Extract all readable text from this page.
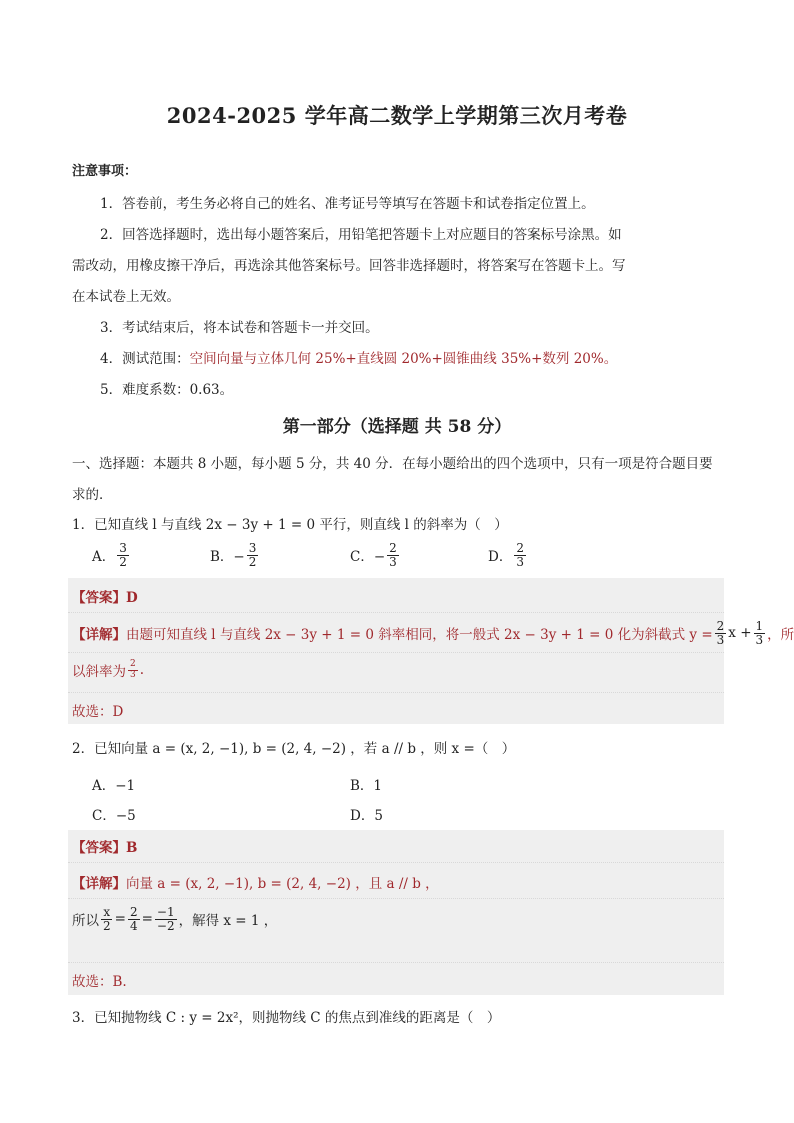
2024-2025 学年高二数学上学期第三次月考卷
注意事项：
1．答卷前，考生务必将自己的姓名、准考证号等填写在答题卡和试卷指定位置上。
2．回答选择题时，选出每小题答案后，用铅笔把答题卡上对应题目的答案标号涂黑。如
需改动，用橡皮擦干净后，再选涂其他答案标号。回答非选择题时，将答案写在答题卡上。写
在本试卷上无效。
3．考试结束后，将本试卷和答题卡一并交回。
4．测试范围：空间向量与立体几何 25%+直线圆 20%+圆锥曲线 35%+数列 20%。
5．难度系数：0.63。
第一部分（选择题 共 58 分）
一、选择题：本题共 8 小题，每小题 5 分，共 40 分．在每小题给出的四个选项中，只有一项是符合题目要
求的．
1．已知直线 l 与直线 2x − 3y + 1 = 0 平行，则直线 l 的斜率为（　）
A． $\frac{3}{2}$	B．− $\frac{3}{2}$	C．− $\frac{2}{3}$	D． $\frac{2}{3}$
【答案】D
【详解】 由题可知直线 l 与直线 2x − 3y + 1 = 0 斜率相同，将一般式 2x − 3y + 1 = 0 化为斜截式 $y = \frac{2}{3}$ $x + \frac{1}{3}$ ，所
以斜率为 $\frac{2}{3}$ .
故选：D
2．已知向量 a = (x, 2, −1), b = (2, 4, −2) ，若 a // b ，则 x =（　）
A．−1	B．1
C．−5	D．5
【答案】B
【详解】向量 a = (x, 2, −1), b = (2, 4, −2) ，且 a // b ，
所以 $\frac{x}{2} = \frac{2}{4} = \frac{-1}{-2}$ ，解得 x = 1 ，
故选：B.
3．已知抛物线 C : y = 2x²，则抛物线 C 的焦点到准线的距离是（　）
